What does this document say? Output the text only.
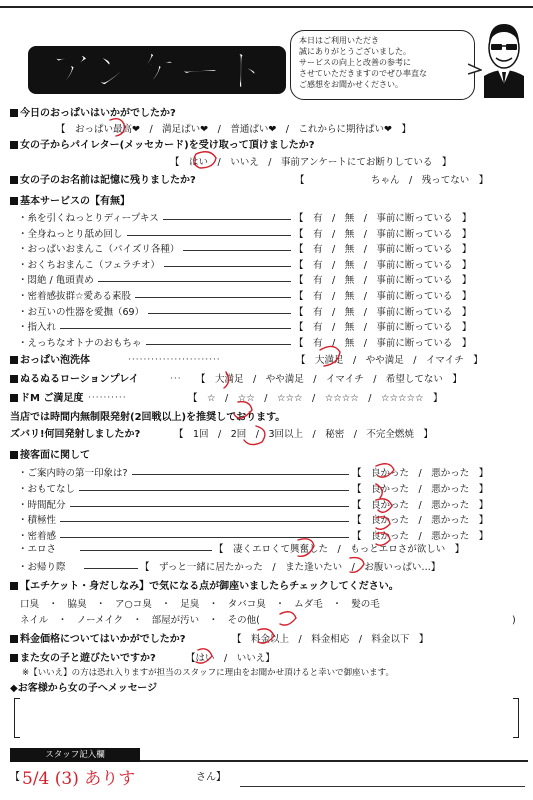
アンケート
本日はご利用いただき
誠にありがとうございました。
サービスの向上と改善の参考に
させていただきますのでぜひ率直な
ご感想をお聞かせください。
今日のおっぱいはいかがでしたか?
【　おっぱい最高❤　/　満足ぱい❤　/　普通ぱい❤　/　これからに期待ぱい❤　】
女の子からパイレター(メッセカード)を受け取って頂けましたか?
【　はい　/　いいえ　/　事前アンケートにてお断りしている　】
女の子のお名前は記憶に残りましたか?	【　　　　　　　ちゃん　/　残ってない　】
基本サービスの【有無】
・糸を引くねっとりディープキス	【　有　/　無　/　事前に断っている　】
・全身ねっとり舐め回し	【　有　/　無　/　事前に断っている　】
・おっぱいおまんこ（パイズリ各種）	【　有　/　無　/　事前に断っている　】
・おくちおまんこ（フェラチオ）	【　有　/　無　/　事前に断っている　】
・悶絶 / 亀頭責め	【　有　/　無　/　事前に断っている　】
・密着感抜群☆愛ある素股	【　有　/　無　/　事前に断っている　】
・お互いの性器を愛撫（69）	【　有　/　無　/　事前に断っている　】
・指入れ	【　有　/　無　/　事前に断っている　】
・えっちなオトナのおもちゃ	【　有　/　無　/　事前に断っている　】
おっぱい泡洗体	························	【　大満足　/　やや満足　/　イマイチ　】
ぬるぬるローションプレイ	··· 【　大満足　/　やや満足　/　イマイチ　/　希望してない　】
ドM ご満足度 ··········	【　☆　/　☆☆　/　☆☆☆　/　☆☆☆☆　/　☆☆☆☆☆　】
当店では時間内無制限発射(2回戦以上)を推奨しております。
ズバリ!何回発射しましたか?	【　1回　/　2回　/　3回以上　/　秘密　/　不完全燃焼　】
接客面に関して
・ご案内時の第一印象は?	【　良かった　/　悪かった　】
・おもてなし	【　良かった　/　悪かった　】
・時間配分	【　良かった　/　悪かった　】
・積極性	【　良かった　/　悪かった　】
・密着感	【　良かった　/　悪かった　】
・エロさ	【　凄くエロくて興奮した　/　もっとエロさが欲しい　】
・お帰り際	【　ずっと一緒に居たかった　/　また逢いたい　/　お腹いっぱい…】
【エチケット・身だしなみ】で気になる点が御座いましたらチェックしてください。
口臭　・　脇臭　・　ア○コ臭　・　足臭　・　タバコ臭　・　ムダ毛　・　髪の毛
ネイル　・　ノーメイク　・　部屋が汚い　・　その他(	)
料金価格についてはいかがでしたか?	【　料金以上　/　料金相応　/　料金以下　】
また女の子と遊びたいですか?	【はい　/　いいえ】
※【いいえ】の方は恐れ入りますが担当のスタッフに理由をお聞かせ頂けると幸いで御座います。
◆お客様から女の子へメッセージ
スタッフ記入欄
【	さん】
5/4 (3) ありす
